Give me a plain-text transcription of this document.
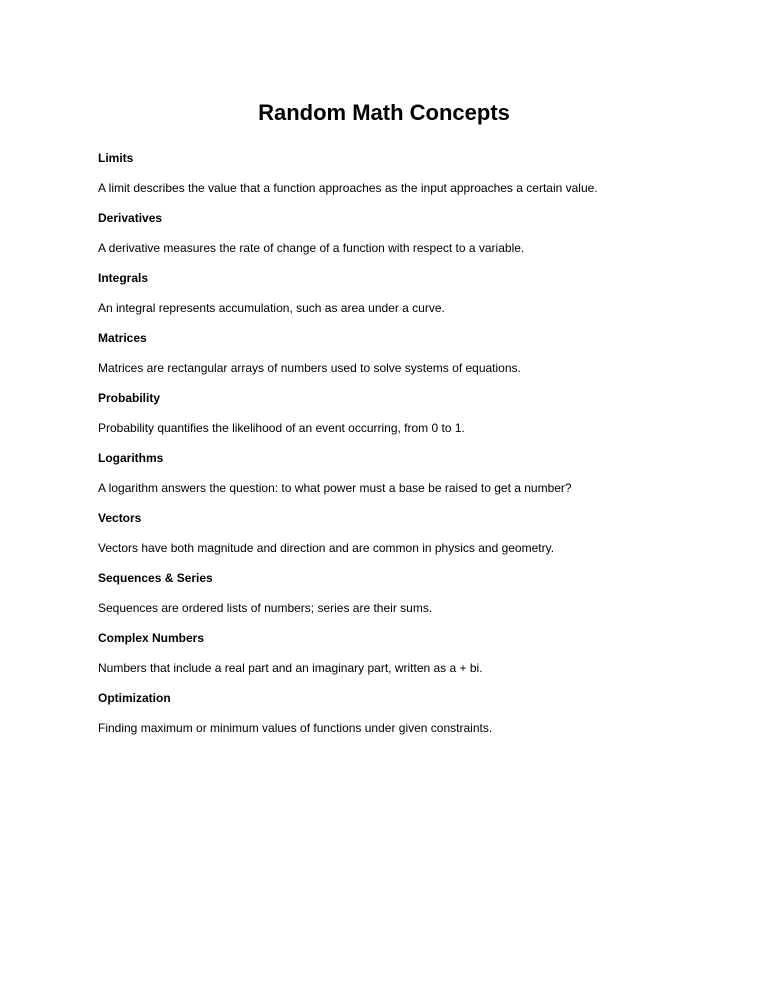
Random Math Concepts

Limits

A limit describes the value that a function approaches as the input approaches a certain value.

Derivatives

A derivative measures the rate of change of a function with respect to a variable.

Integrals

An integral represents accumulation, such as area under a curve.

Matrices

Matrices are rectangular arrays of numbers used to solve systems of equations.

Probability

Probability quantifies the likelihood of an event occurring, from 0 to 1.

Logarithms

A logarithm answers the question: to what power must a base be raised to get a number?

Vectors

Vectors have both magnitude and direction and are common in physics and geometry.

Sequences & Series

Sequences are ordered lists of numbers; series are their sums.

Complex Numbers

Numbers that include a real part and an imaginary part, written as a + bi.

Optimization

Finding maximum or minimum values of functions under given constraints.
